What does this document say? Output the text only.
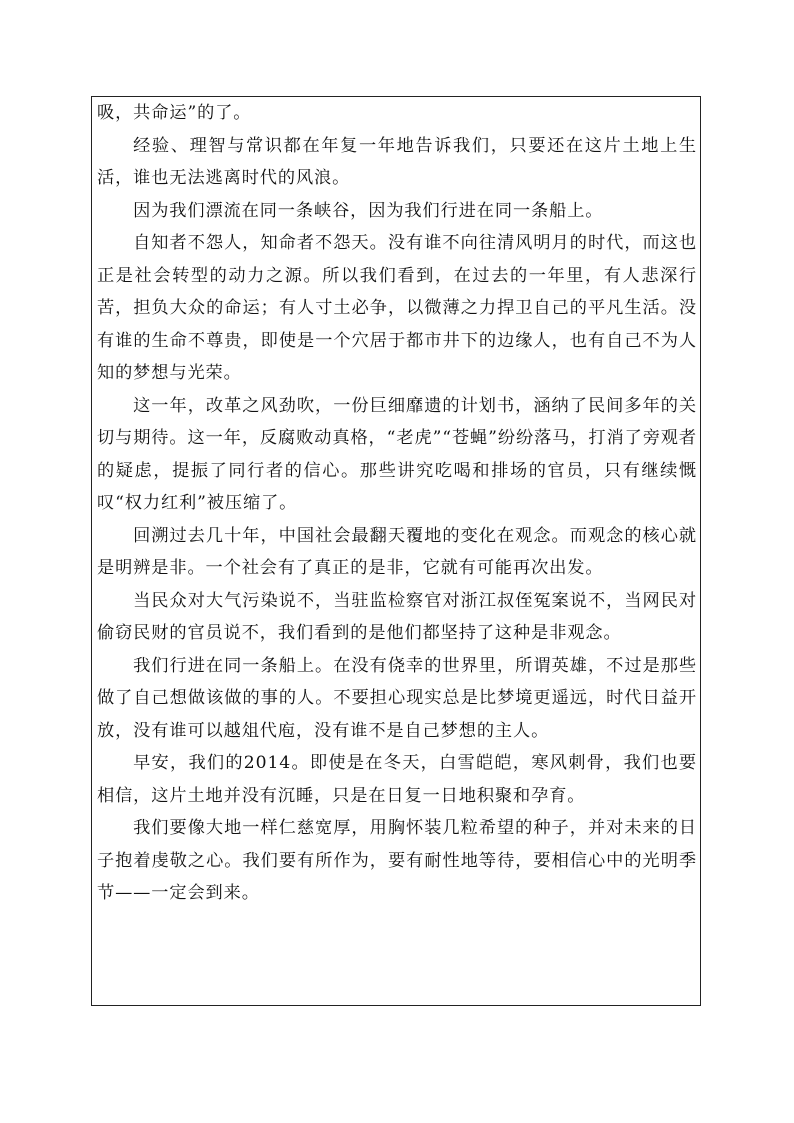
吸，共命运”的了。

经验、理智与常识都在年复一年地告诉我们，只要还在这片土地上生活，谁也无法逃离时代的风浪。

因为我们漂流在同一条峡谷，因为我们行进在同一条船上。

自知者不怨人，知命者不怨天。没有谁不向往清风明月的时代，而这也正是社会转型的动力之源。所以我们看到，在过去的一年里，有人悲深行苦，担负大众的命运；有人寸土必争，以微薄之力捍卫自己的平凡生活。没有谁的生命不尊贵，即使是一个穴居于都市井下的边缘人，也有自己不为人知的梦想与光荣。

这一年，改革之风劲吹，一份巨细靡遗的计划书，涵纳了民间多年的关切与期待。这一年，反腐败动真格，“老虎”“苍蝇”纷纷落马，打消了旁观者的疑虑，提振了同行者的信心。那些讲究吃喝和排场的官员，只有继续慨叹“权力红利”被压缩了。

回溯过去几十年，中国社会最翻天覆地的变化在观念。而观念的核心就是明辨是非。一个社会有了真正的是非，它就有可能再次出发。

当民众对大气污染说不，当驻监检察官对浙江叔侄冤案说不，当网民对偷窃民财的官员说不，我们看到的是他们都坚持了这种是非观念。

我们行进在同一条船上。在没有侥幸的世界里，所谓英雄，不过是那些做了自己想做该做的事的人。不要担心现实总是比梦境更遥远，时代日益开放，没有谁可以越俎代庖，没有谁不是自己梦想的主人。

早安，我们的2014。即使是在冬天，白雪皑皑，寒风刺骨，我们也要相信，这片土地并没有沉睡，只是在日复一日地积聚和孕育。

我们要像大地一样仁慈宽厚，用胸怀装几粒希望的种子，并对未来的日子抱着虔敬之心。我们要有所作为，要有耐性地等待，要相信心中的光明季节——一定会到来。
